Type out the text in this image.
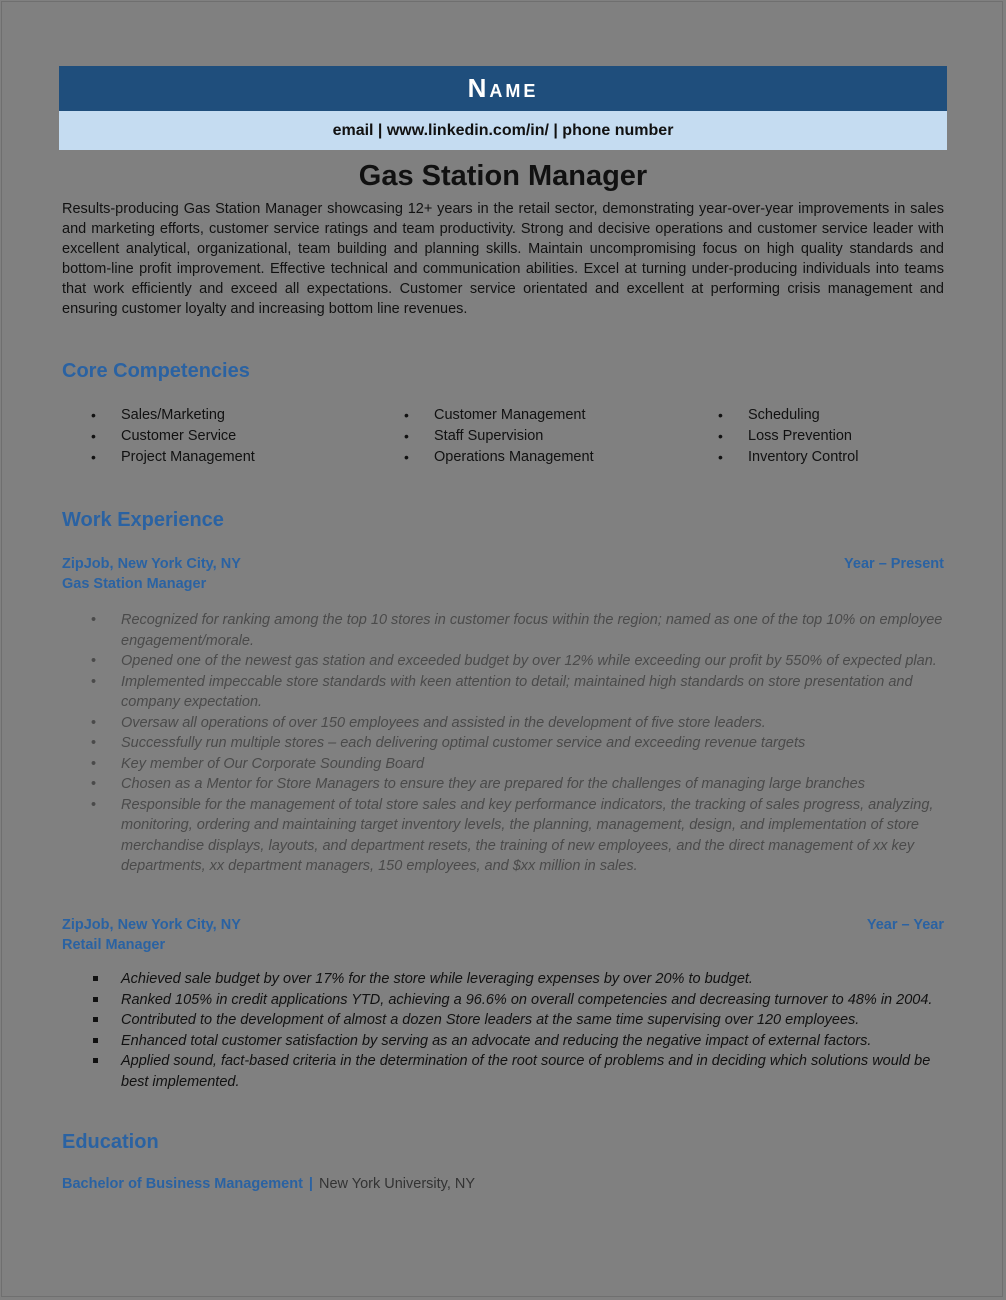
Name
email | www.linkedin.com/in/ | phone number
Gas Station Manager
Results-producing Gas Station Manager showcasing 12+ years in the retail sector, demonstrating year-over-year improvements in sales and marketing efforts, customer service ratings and team productivity. Strong and decisive operations and customer service leader with excellent analytical, organizational, team building and planning skills. Maintain uncompromising focus on high quality standards and bottom-line profit improvement. Effective technical and communication abilities. Excel at turning under-producing individuals into teams that work efficiently and exceed all expectations. Customer service orientated and excellent at performing crisis management and ensuring customer loyalty and increasing bottom line revenues.
Core Competencies
• Sales/Marketing
• Customer Service
• Project Management
• Customer Management
• Staff Supervision
• Operations Management
• Scheduling
• Loss Prevention
• Inventory Control
Work Experience
ZipJob, New York City, NY	Year – Present
Gas Station Manager
• Recognized for ranking among the top 10 stores in customer focus within the region; named as one of the top 10% on employee engagement/morale.
• Opened one of the newest gas station and exceeded budget by over 12% while exceeding our profit by 550% of expected plan.
• Implemented impeccable store standards with keen attention to detail; maintained high standards on store presentation and company expectation.
• Oversaw all operations of over 150 employees and assisted in the development of five store leaders.
• Successfully run multiple stores – each delivering optimal customer service and exceeding revenue targets
• Key member of Our Corporate Sounding Board
• Chosen as a Mentor for Store Managers to ensure they are prepared for the challenges of managing large branches
• Responsible for the management of total store sales and key performance indicators, the tracking of sales progress, analyzing, monitoring, ordering and maintaining target inventory levels, the planning, management, design, and implementation of store merchandise displays, layouts, and department resets, the training of new employees, and the direct management of xx key departments, xx department managers, 150 employees, and $xx million in sales.
ZipJob, New York City, NY	Year – Year
Retail Manager
Achieved sale budget by over 17% for the store while leveraging expenses by over 20% to budget.
Ranked 105% in credit applications YTD, achieving a 96.6% on overall competencies and decreasing turnover to 48% in 2004.
Contributed to the development of almost a dozen Store leaders at the same time supervising over 120 employees.
Enhanced total customer satisfaction by serving as an advocate and reducing the negative impact of external factors.
Applied sound, fact-based criteria in the determination of the root source of problems and in deciding which solutions would be best implemented.
Education
Bachelor of Business Management | New York University, NY
